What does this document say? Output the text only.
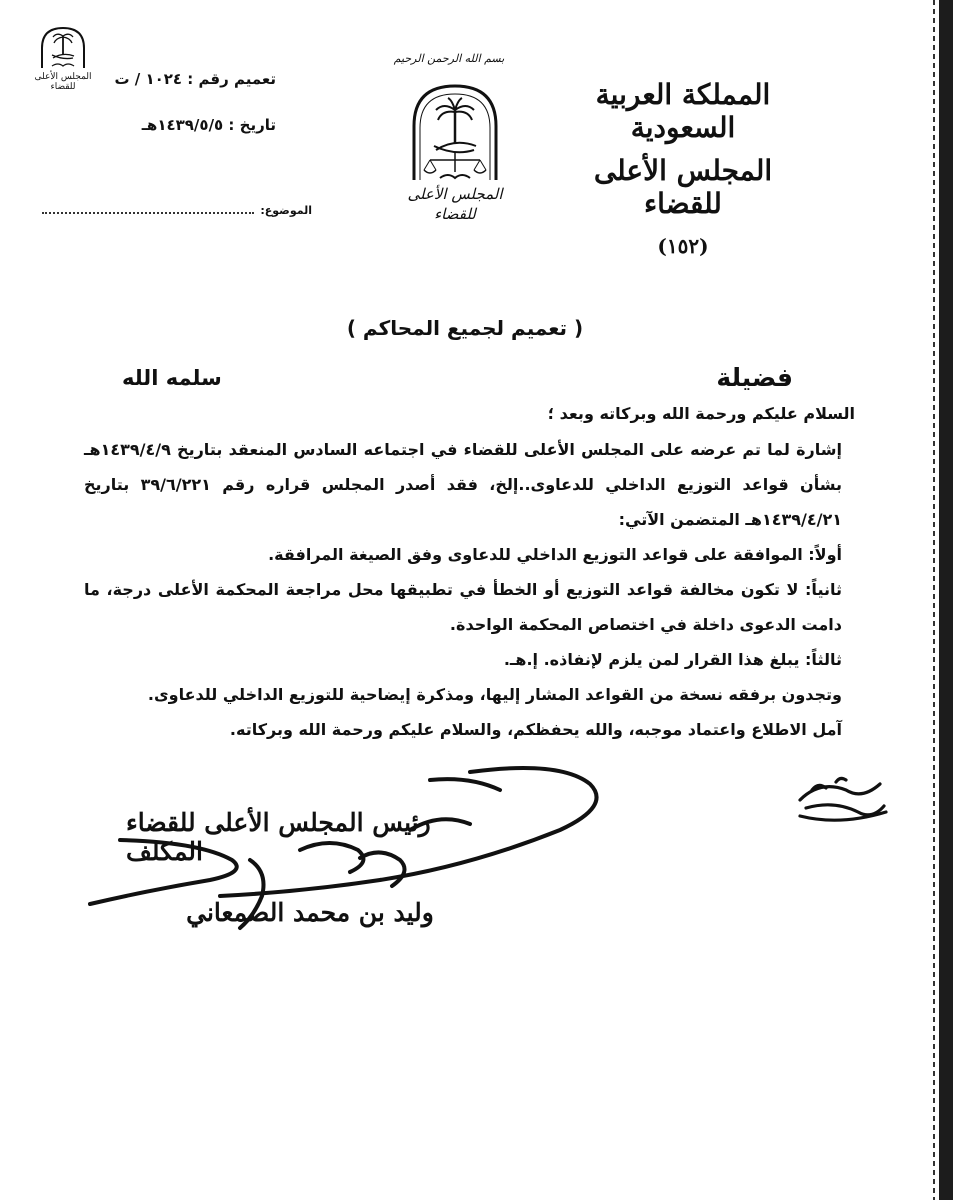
المملكة العربية السعودية
المجلس الأعلى للقضاء
(١٥٢)
بسم الله الرحمن الرحيم
المجلس الأعلى للقضاء
المجلس الأعلى للقضاء	تعميم رقم : ١٠٢٤ / ت
تاريخ : ١٤٣٩/٥/٥هـ
الموضوع:
( تعميم لجميع المحاكم )
فضيلة
سلمه الله
السلام عليكم ورحمة الله وبركاته وبعد ؛

إشارة لما تم عرضه على المجلس الأعلى للقضاء في اجتماعه السادس المنعقد بتاريخ ١٤٣٩/٤/٩هـ بشأن قواعد التوزيع الداخلي للدعاوى..إلخ، فقد أصدر المجلس قراره رقم ٣٩/٦/٢٢١ بتاريخ ١٤٣٩/٤/٢١هـ المتضمن الآتي:

أولاً: الموافقة على قواعد التوزيع الداخلي للدعاوى وفق الصيغة المرافقة.

ثانياً: لا تكون مخالفة قواعد التوزيع أو الخطأ في تطبيقها محل مراجعة المحكمة الأعلى درجة، ما دامت الدعوى داخلة في اختصاص المحكمة الواحدة.

ثالثاً: يبلغ هذا القرار لمن يلزم لإنفاذه. إ.هـ.

وتجدون برفقه نسخة من القواعد المشار إليها، ومذكرة إيضاحية للتوزيع الداخلي للدعاوى.

آمل الاطلاع واعتماد موجبه، والله يحفظكم، والسلام عليكم ورحمة الله وبركاته.

رئيس المجلس الأعلى للقضاء المكلف
وليد بن محمد الصمعاني
